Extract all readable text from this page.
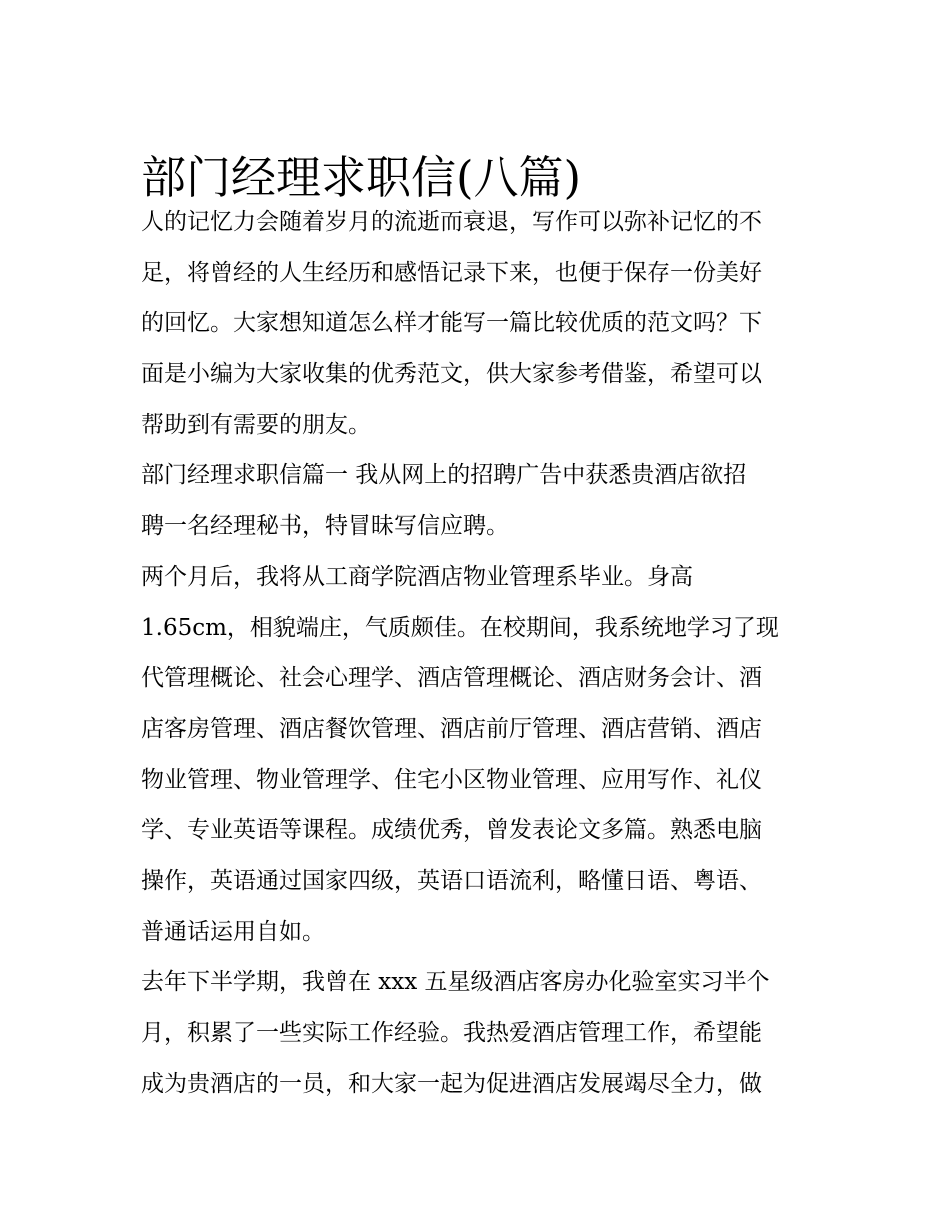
部门经理求职信(八篇)
人的记忆力会随着岁月的流逝而衰退，写作可以弥补记忆的不
足，将曾经的人生经历和感悟记录下来，也便于保存一份美好
的回忆。大家想知道怎么样才能写一篇比较优质的范文吗？下
面是小编为大家收集的优秀范文，供大家参考借鉴，希望可以
帮助到有需要的朋友。
部门经理求职信篇一 我从网上的招聘广告中获悉贵酒店欲招
聘一名经理秘书，特冒昧写信应聘。
两个月后，我将从工商学院酒店物业管理系毕业。身高
1.65cm，相貌端庄，气质颇佳。在校期间，我系统地学习了现
代管理概论、社会心理学、酒店管理概论、酒店财务会计、酒
店客房管理、酒店餐饮管理、酒店前厅管理、酒店营销、酒店
物业管理、物业管理学、住宅小区物业管理、应用写作、礼仪
学、专业英语等课程。成绩优秀，曾发表论文多篇。熟悉电脑
操作，英语通过国家四级，英语口语流利，略懂日语、粤语、
普通话运用自如。
去年下半学期，我曾在 xxx 五星级酒店客房办化验室实习半个
月，积累了一些实际工作经验。我热爱酒店管理工作，希望能
成为贵酒店的一员，和大家一起为促进酒店发展竭尽全力，做
